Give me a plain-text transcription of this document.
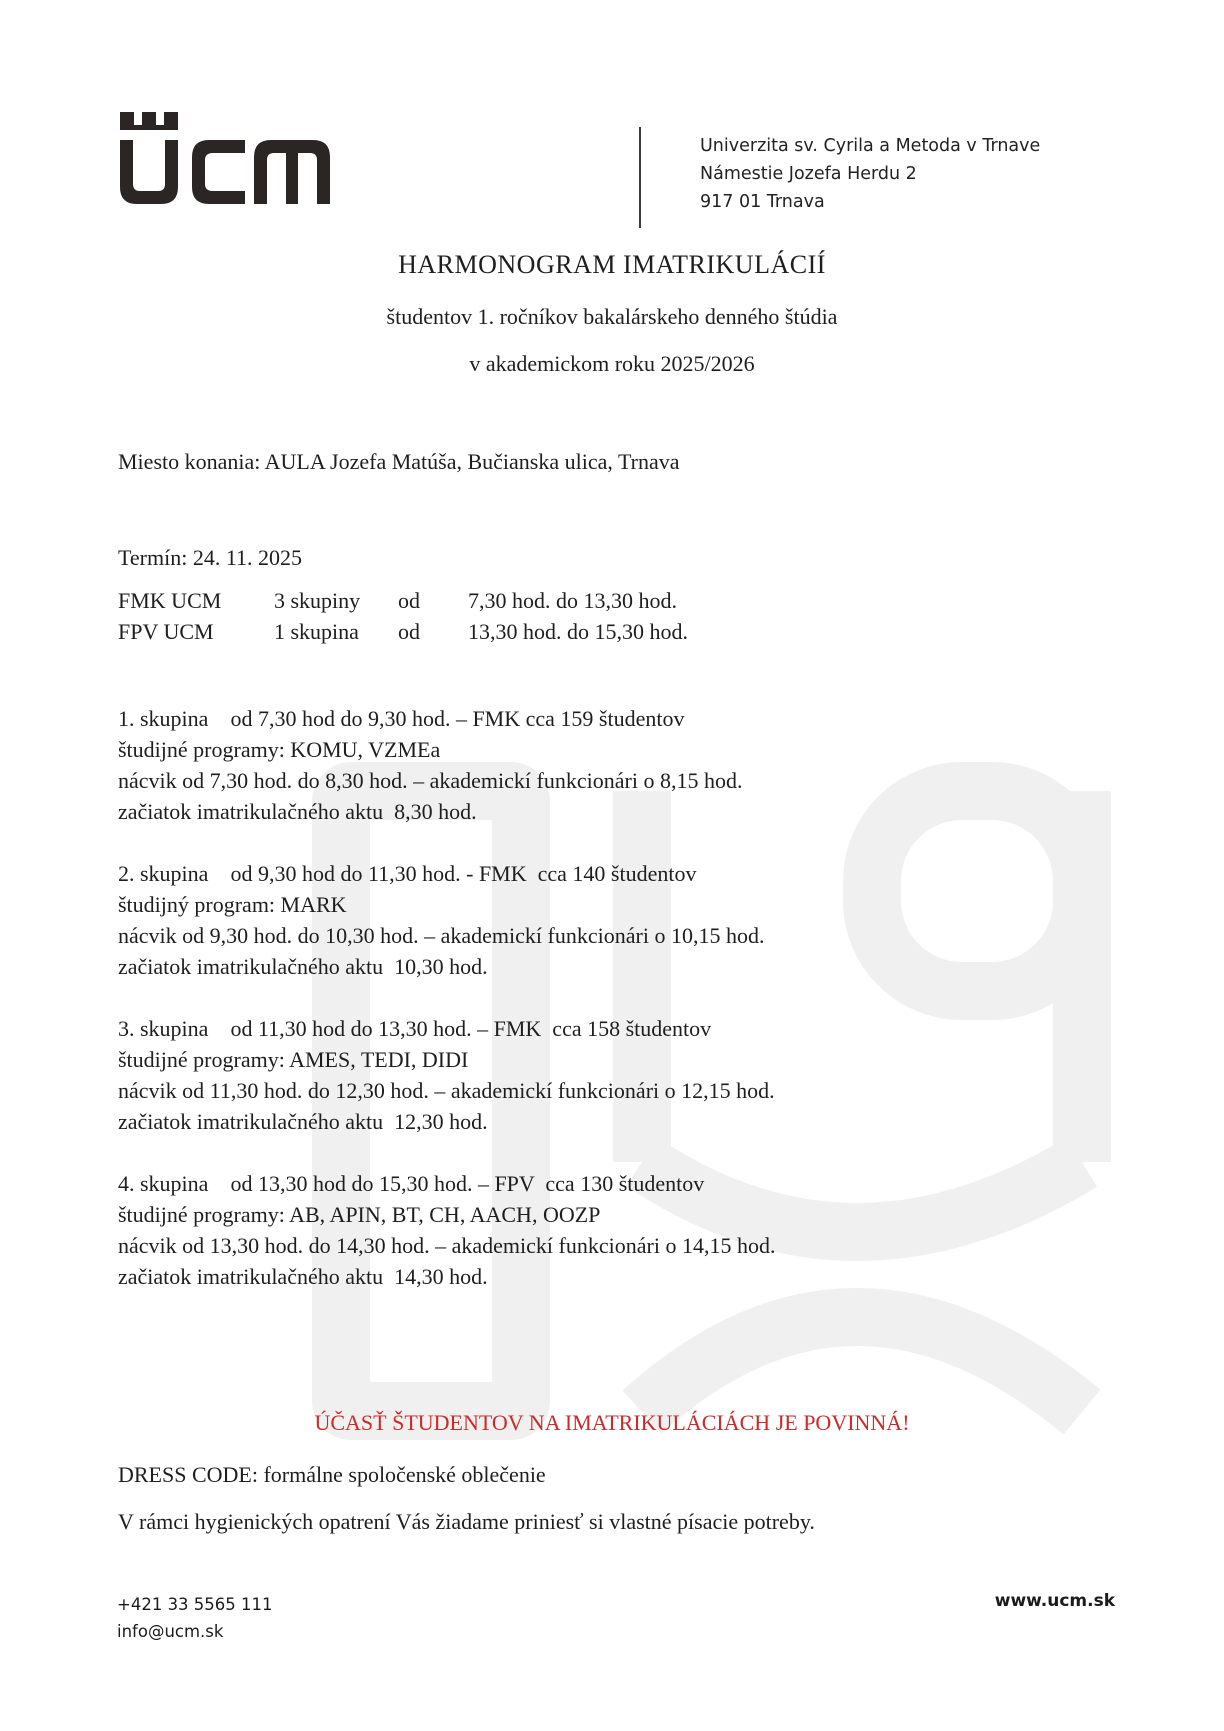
Univerzita sv. Cyrila a Metoda v Trnave
Námestie Jozefa Herdu 2
917 01 Trnava
HARMONOGRAM IMATRIKULÁCIÍ
študentov 1. ročníkov bakalárskeho denného štúdia
v akademickom roku 2025/2026
Miesto konania: AULA Jozefa Matúša, Bučianska ulica, Trnava
Termín: 24. 11. 2025
FMK UCM 3 skupiny od 7,30 hod. do 13,30 hod.
FPV UCM	1 skupina od 13,30 hod. do 15,30 hod.
1. skupina    od 7,30 hod do 9,30 hod. – FMK cca 159 študentov
študijné programy: KOMU, VZMEa
nácvik od 7,30 hod. do 8,30 hod. – akademickí funkcionári o 8,15 hod.
začiatok imatrikulačného aktu  8,30 hod.
2. skupina    od 9,30 hod do 11,30 hod. - FMK  cca 140 študentov
študijný program: MARK
nácvik od 9,30 hod. do 10,30 hod. – akademickí funkcionári o 10,15 hod.
začiatok imatrikulačného aktu  10,30 hod.
3. skupina    od 11,30 hod do 13,30 hod. – FMK  cca 158 študentov
študijné programy: AMES, TEDI, DIDI
nácvik od 11,30 hod. do 12,30 hod. – akademickí funkcionári o 12,15 hod.
začiatok imatrikulačného aktu  12,30 hod.
4. skupina    od 13,30 hod do 15,30 hod. – FPV  cca 130 študentov
študijné programy: AB, APIN, BT, CH, AACH, OOZP
nácvik od 13,30 hod. do 14,30 hod. – akademickí funkcionári o 14,15 hod.
začiatok imatrikulačného aktu  14,30 hod.
ÚČASŤ ŠTUDENTOV NA IMATRIKULÁCIÁCH JE POVINNÁ!
DRESS CODE: formálne spoločenské oblečenie
V rámci hygienických opatrení Vás žiadame priniesť si vlastné písacie potreby.
+421 33 5565 111
info@ucm.sk
www.ucm.sk
